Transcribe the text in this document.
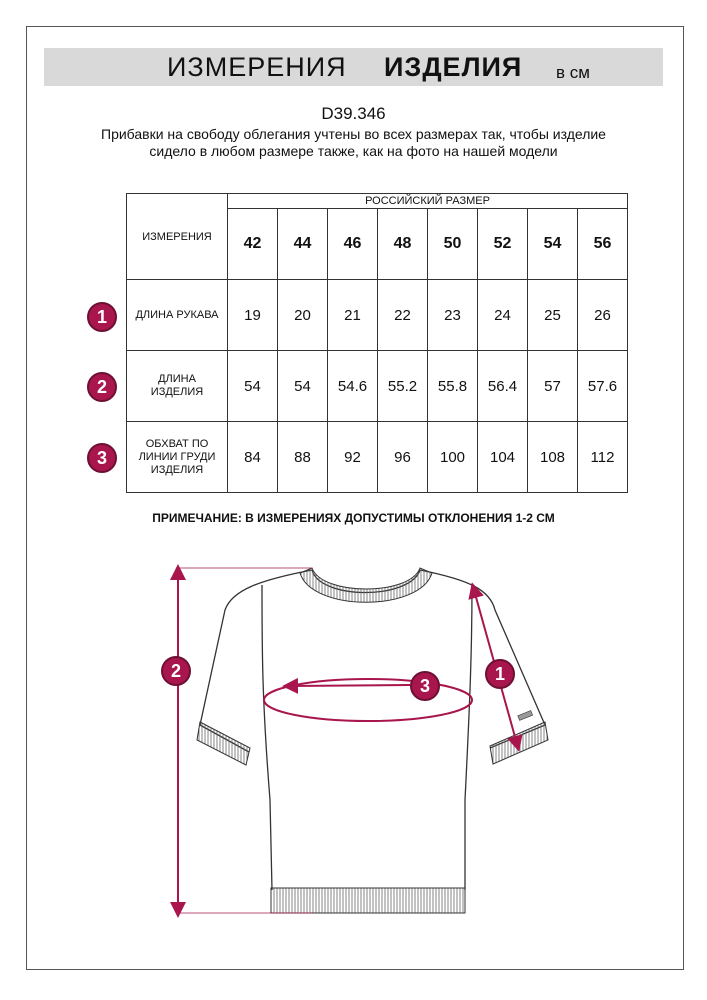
ИЗМЕРЕНИЯ ИЗДЕЛИЯ в см
D39.346
Прибавки на свободу облегания учтены во всех размерах так, чтобы изделие сидело в любом размере также, как на фото на нашей модели
ИЗМЕРЕНИЯ	РОССИЙСКИЙ РАЗМЕР							
	42	44	46	48	50	52	54	56
ДЛИНА РУКАВА	19	20	21	22	23	24	25	26
ДЛИНА ИЗДЕЛИЯ	54	54	54.6	55.2	55.8	56.4	57	57.6
ОБХВАТ ПО ЛИНИИ ГРУДИ ИЗДЕЛИЯ	84	88	92	96	100	104	108	112
1
2
3
ПРИМЕЧАНИЕ: В ИЗМЕРЕНИЯХ ДОПУСТИМЫ ОТКЛОНЕНИЯ 1-2 СМ
2	1
3
